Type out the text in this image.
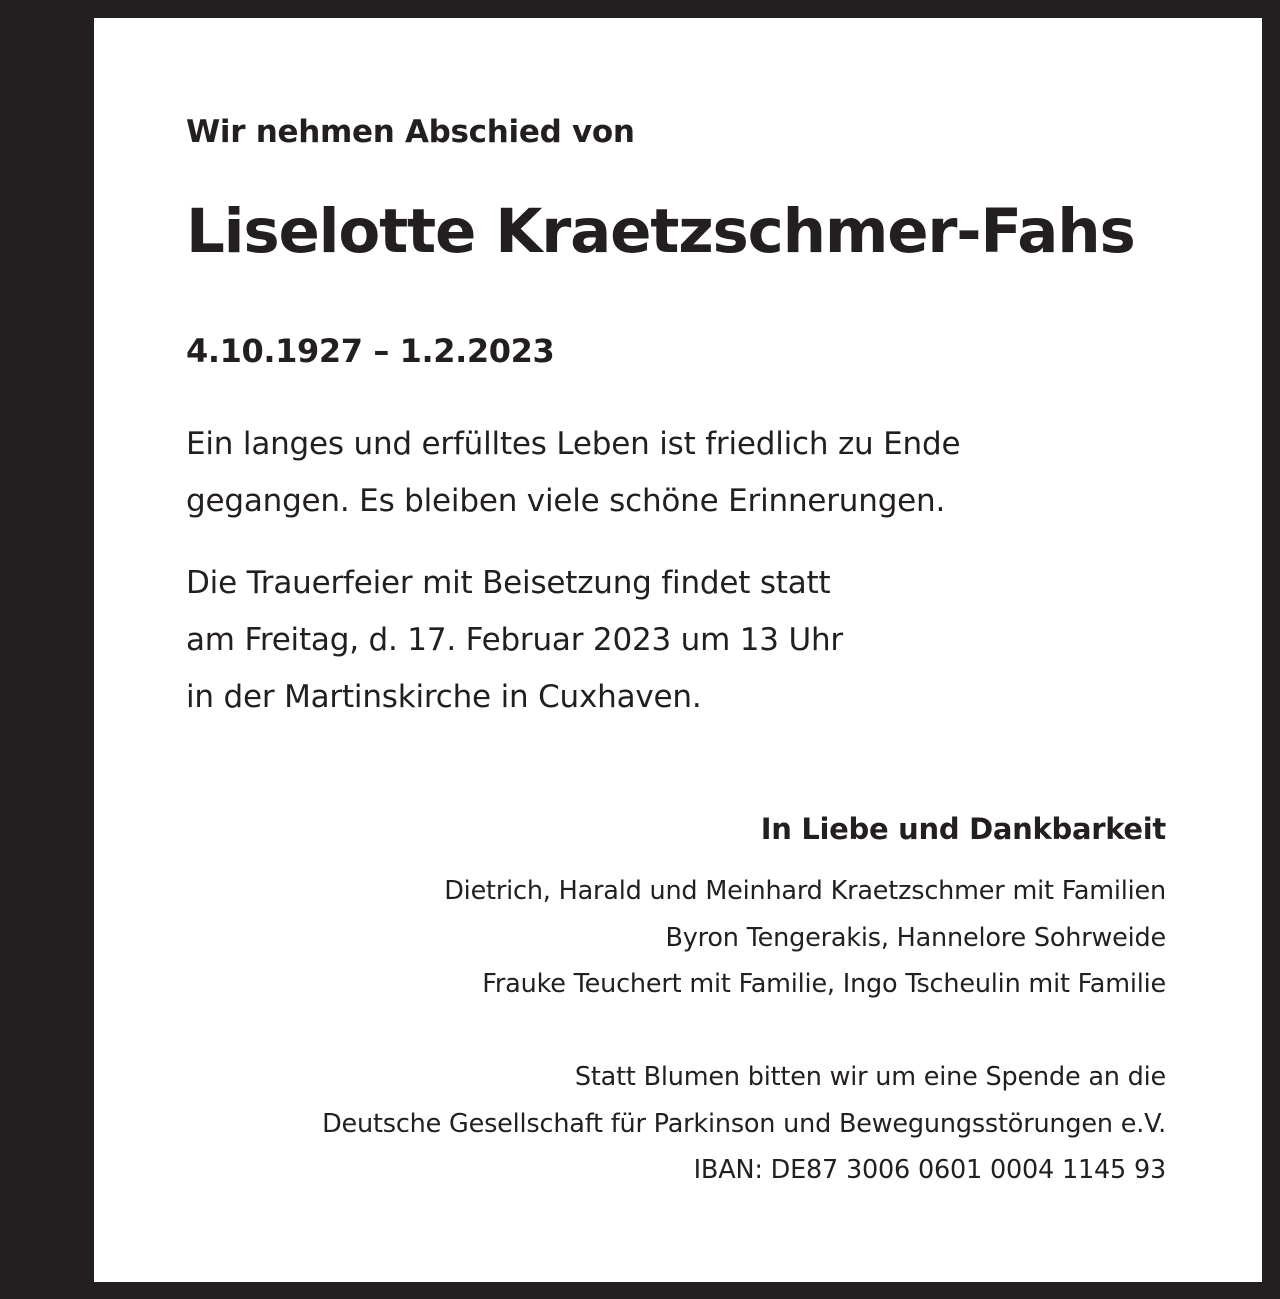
Wir nehmen Abschied von
Liselotte Kraetzschmer-Fahs
4.10.1927 – 1.2.2023
Ein langes und erfülltes Leben ist friedlich zu Ende
gegangen. Es bleiben viele schöne Erinnerungen.
Die Trauerfeier mit Beisetzung findet statt
am Freitag, d. 17. Februar 2023 um 13 Uhr
in der Martinskirche in Cuxhaven.
In Liebe und Dankbarkeit
Dietrich, Harald und Meinhard Kraetzschmer mit Familien
Byron Tengerakis, Hannelore Sohrweide
Frauke Teuchert mit Familie, Ingo Tscheulin mit Familie
Statt Blumen bitten wir um eine Spende an die
Deutsche Gesellschaft für Parkinson und Bewegungsstörungen e.V.
IBAN: DE87 3006 0601 0004 1145 93
